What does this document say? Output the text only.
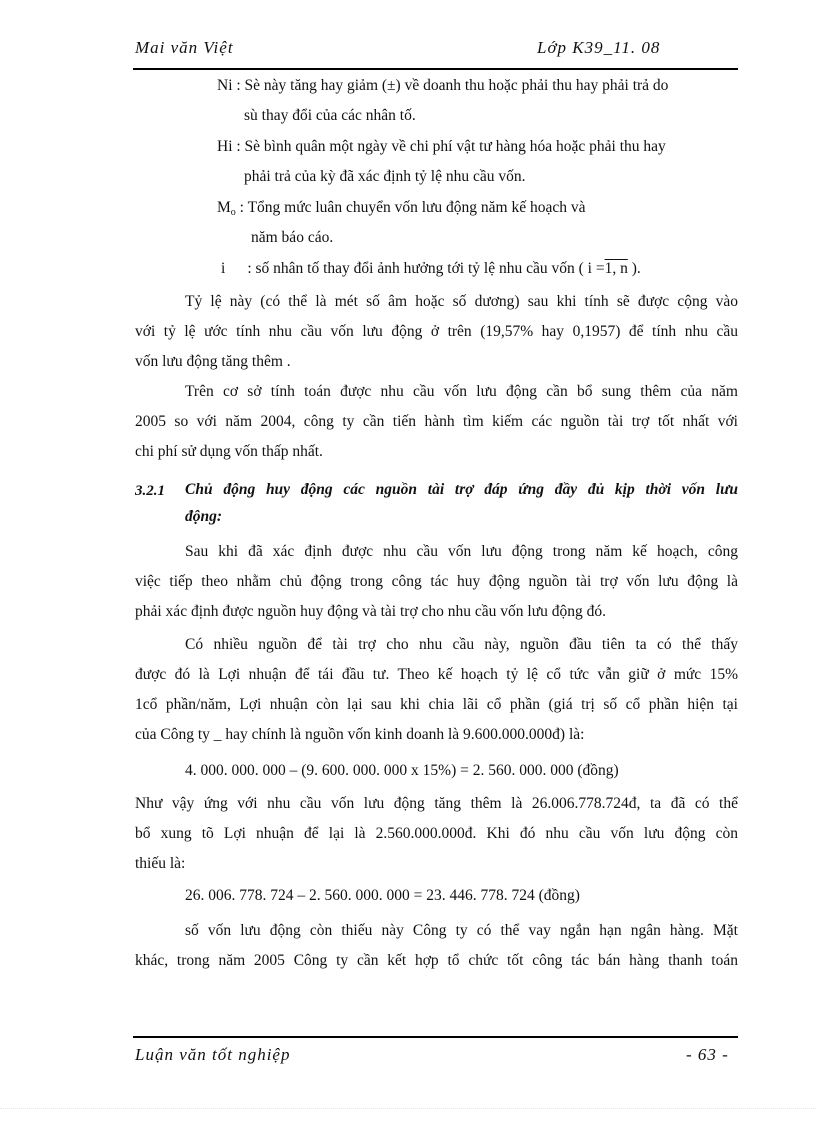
Mai văn Việt	Lớp K39_11. 08
Ni : Sè này tăng hay giảm (±) về doanh thu hoặc phải thu hay phải trả do
sù thay đổi của các nhân tố.
Hi : Sè bình quân một ngày về chi phí vật tư hàng hóa hoặc phải thu hay
phải trả của kỳ đã xác định tỷ lệ nhu cầu vốn.
$M_o$ : Tổng mức luân chuyển vốn lưu động năm kế hoạch và
năm báo cáo.
i : số nhân tố thay đổi ảnh hưởng tới tỷ lệ nhu cầu vốn ( i =1, n ).
Tỷ lệ này (có thể là mét số âm hoặc số dương) sau khi tính sẽ được cộng vào
với tỷ lệ ước tính nhu cầu vốn lưu động ở trên (19,57% hay 0,1957) để tính nhu cầu
vốn lưu động tăng thêm .
Trên cơ sở tính toán được nhu cầu vốn lưu động cần bổ sung thêm của năm
2005 so với năm 2004, công ty cần tiến hành tìm kiếm các nguồn tài trợ tốt nhất với
chi phí sử dụng vốn thấp nhất.
3.2.1 Chủ động huy động các nguồn tài trợ đáp ứng đầy đủ kịp thời vốn lưu
động:
Sau khi đã xác định được nhu cầu vốn lưu động trong năm kế hoạch, công
việc tiếp theo nhằm chủ động trong công tác huy động nguồn tài trợ vốn lưu động là
phải xác định được nguồn huy động và tài trợ cho nhu cầu vốn lưu động đó.
Có nhiều nguồn để tài trợ cho nhu cầu này, nguồn đầu tiên ta có thể thấy
được đó là Lợi nhuận để tái đầu tư. Theo kế hoạch tỷ lệ cổ tức vẫn giữ ở mức 15%
1cổ phần/năm, Lợi nhuận còn lại sau khi chia lãi cổ phần (giá trị số cổ phần hiện tại
của Công ty _ hay chính là nguồn vốn kinh doanh là 9.600.000.000đ) là:
4. 000. 000. 000 – (9. 600. 000. 000 x 15%) = 2. 560. 000. 000 (đồng)
Như vậy ứng với nhu cầu vốn lưu động tăng thêm là 26.006.778.724đ, ta đã có thể
bổ xung tõ Lợi nhuận để lại là 2.560.000.000đ. Khi đó nhu cầu vốn lưu động còn
thiếu là:
26. 006. 778. 724 – 2. 560. 000. 000 = 23. 446. 778. 724 (đồng)
số vốn lưu động còn thiếu này Công ty có thể vay ngắn hạn ngân hàng. Mặt
khác, trong năm 2005 Công ty cần kết hợp tổ chức tốt công tác bán hàng thanh toán
Luận văn tốt nghiệp	- 63 -
